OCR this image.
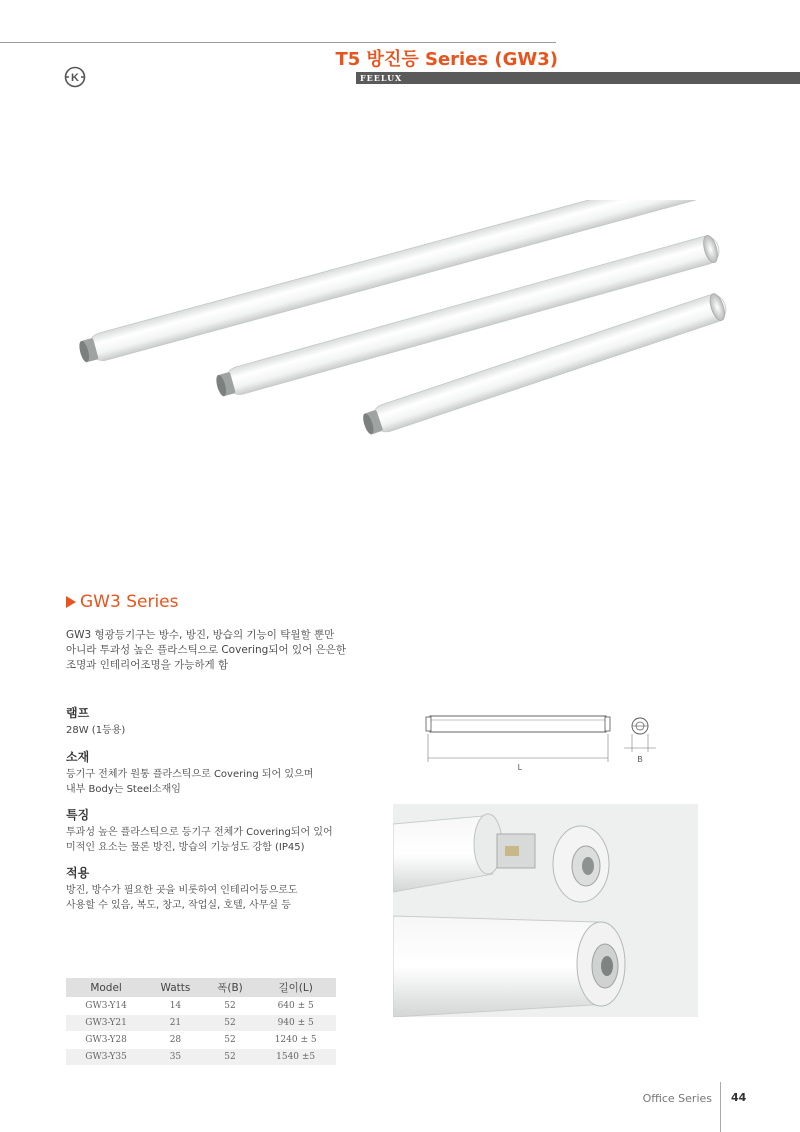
T5 방진등 Series (GW3)
FEELUX
K
GW3 Series

GW3 형광등기구는 방수, 방진, 방습의 기능이 탁월할 뿐만

아니라 투과성 높은 플라스틱으로 Covering되어 있어 은은한

조명과 인테리어조명을 가능하게 함

램프

28W (1등용)

소재

등기구 전체가 원통 플라스틱으로 Covering 되어 있으며

내부 Body는 Steel소재임

특징

투과성 높은 플라스틱으로 등기구 전체가 Covering되어 있어

미적인 요소는 물론 방진, 방습의 기능성도 강함 (IP45)

적용

방진, 방수가 필요한 곳을 비롯하여 인테리어등으로도

사용할 수 있음, 복도, 창고, 작업실, 호텔, 사무실 등

L
B
Model	Watts	폭(B)	길이(L)
GW3-Y14	14	52	640 ± 5
GW3-Y21	21	52	940 ± 5
GW3-Y28	28	52	1240 ± 5
GW3-Y35	35	52	1540 ±5
Office Series 44
